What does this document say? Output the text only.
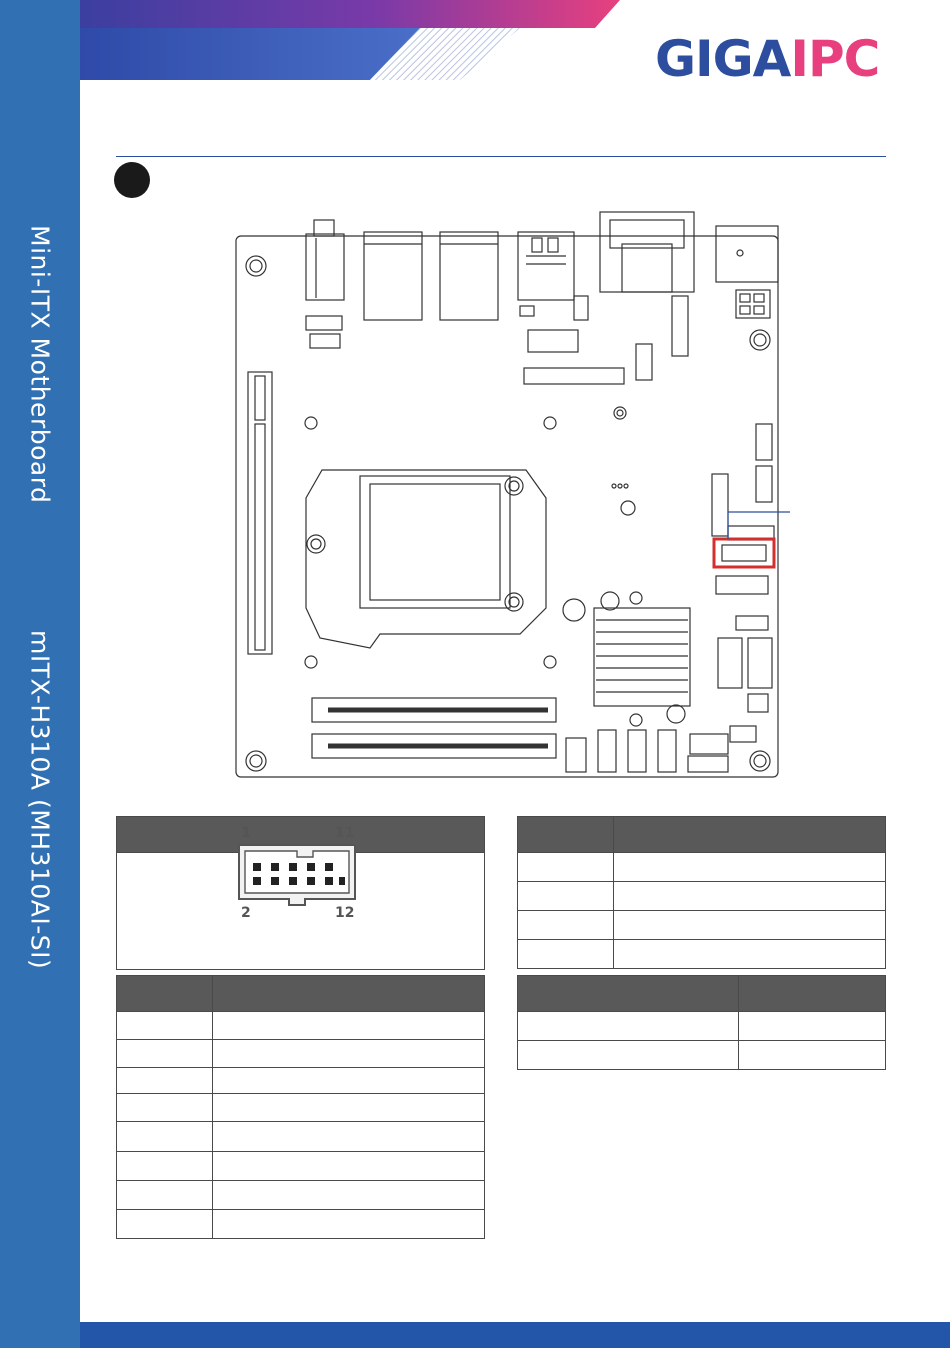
Mini-ITX Motherboard
mITX-H310A (MH310AI-SI)
GIGAIPC
1	11
2	12
